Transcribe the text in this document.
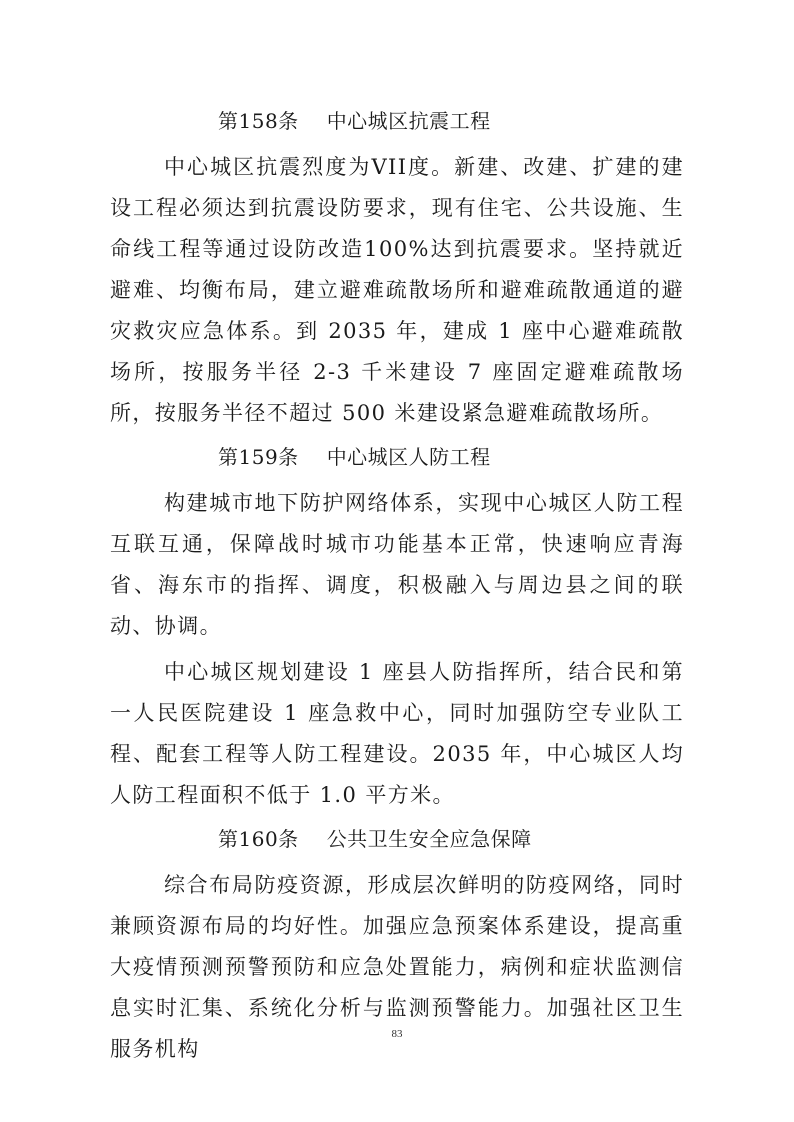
第158条 中心城区抗震工程

中心城区抗震烈度为VII度。新建、改建、扩建的建设工程必须达到抗震设防要求，现有住宅、公共设施、生命线工程等通过设防改造100%达到抗震要求。坚持就近避难、均衡布局，建立避难疏散场所和避难疏散通道的避灾救灾应急体系。到 2035 年，建成 1 座中心避难疏散场所，按服务半径 2-3 千米建设 7 座固定避难疏散场所，按服务半径不超过 500 米建设紧急避难疏散场所。

第159条 中心城区人防工程

构建城市地下防护网络体系，实现中心城区人防工程互联互通，保障战时城市功能基本正常，快速响应青海省、海东市的指挥、调度，积极融入与周边县之间的联动、协调。

中心城区规划建设 1 座县人防指挥所，结合民和第一人民医院建设 1 座急救中心，同时加强防空专业队工程、配套工程等人防工程建设。2035 年，中心城区人均人防工程面积不低于 1.0 平方米。

第160条 公共卫生安全应急保障

综合布局防疫资源，形成层次鲜明的防疫网络，同时兼顾资源布局的均好性。加强应急预案体系建设，提高重大疫情预测预警预防和应急处置能力，病例和症状监测信息实时汇集、系统化分析与监测预警能力。加强社区卫生服务机构

83
